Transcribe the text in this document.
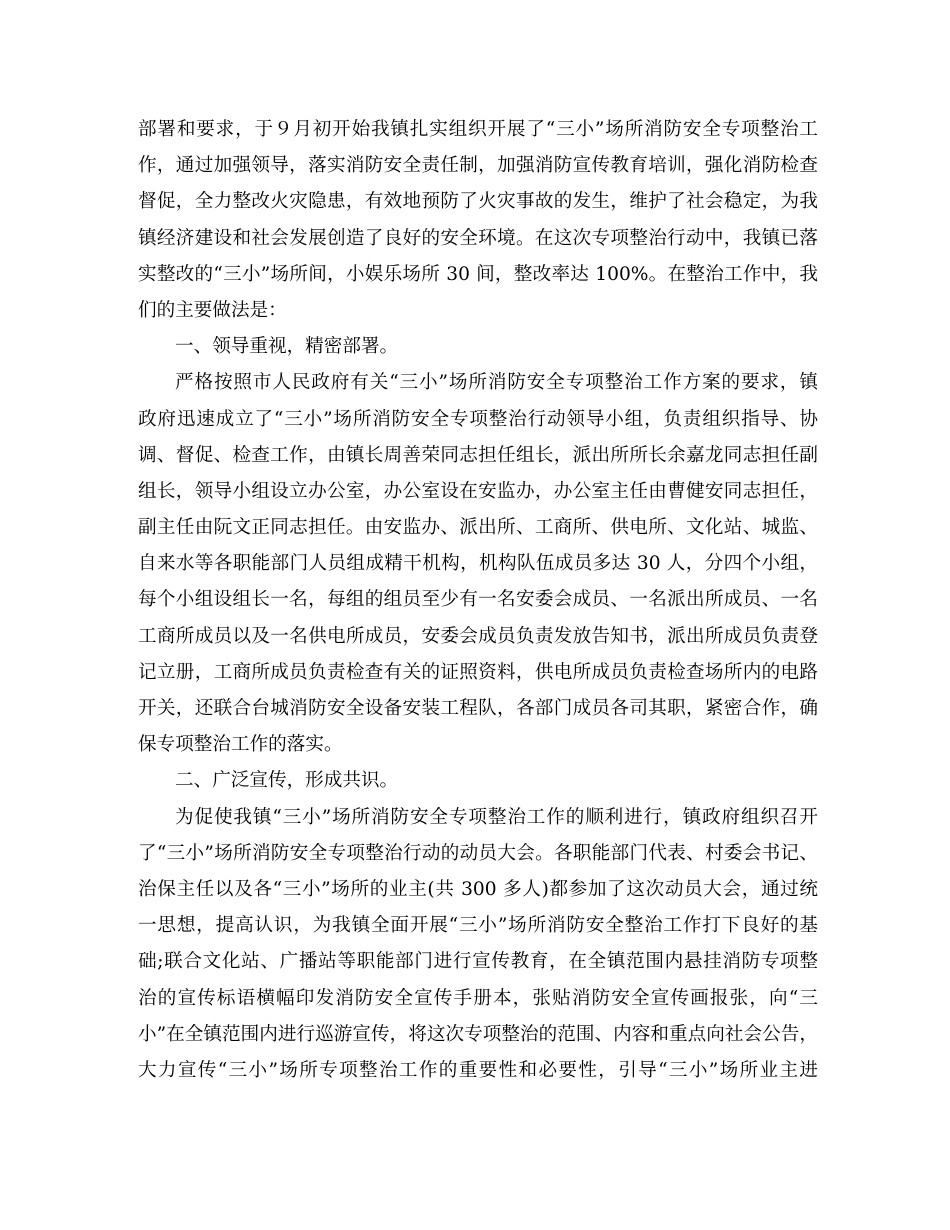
部署和要求，于９月初开始我镇扎实组织开展了“三小”场所消防安全专项整治工
作，通过加强领导，落实消防安全责任制，加强消防宣传教育培训，强化消防检查
督促，全力整改火灾隐患，有效地预防了火灾事故的发生，维护了社会稳定，为我
镇经济建设和社会发展创造了良好的安全环境。在这次专项整治行动中，我镇已落
实整改的“三小”场所间，小娱乐场所 30 间，整改率达 100%。在整治工作中，我
们的主要做法是：
一、领导重视，精密部署。
严格按照市人民政府有关“三小”场所消防安全专项整治工作方案的要求，镇
政府迅速成立了“三小”场所消防安全专项整治行动领导小组，负责组织指导、协
调、督促、检查工作，由镇长周善荣同志担任组长，派出所所长余嘉龙同志担任副
组长，领导小组设立办公室，办公室设在安监办，办公室主任由曹健安同志担任，
副主任由阮文正同志担任。由安监办、派出所、工商所、供电所、文化站、城监、
自来水等各职能部门人员组成精干机构，机构队伍成员多达 30 人，分四个小组，
每个小组设组长一名，每组的组员至少有一名安委会成员、一名派出所成员、一名
工商所成员以及一名供电所成员，安委会成员负责发放告知书，派出所成员负责登
记立册，工商所成员负责检查有关的证照资料，供电所成员负责检查场所内的电路
开关，还联合台城消防安全设备安装工程队，各部门成员各司其职，紧密合作，确
保专项整治工作的落实。
二、广泛宣传，形成共识。
为促使我镇“三小”场所消防安全专项整治工作的顺利进行，镇政府组织召开
了“三小”场所消防安全专项整治行动的动员大会。各职能部门代表、村委会书记、
治保主任以及各“三小”场所的业主(共 300 多人)都参加了这次动员大会，通过统
一思想，提高认识，为我镇全面开展“三小”场所消防安全整治工作打下良好的基
础;联合文化站、广播站等职能部门进行宣传教育，在全镇范围内悬挂消防专项整
治的宣传标语横幅印发消防安全宣传手册本，张贴消防安全宣传画报张，向“三
小”在全镇范围内进行巡游宣传，将这次专项整治的范围、内容和重点向社会公告，
大力宣传“三小”场所专项整治工作的重要性和必要性，引导“三小”场所业主进
